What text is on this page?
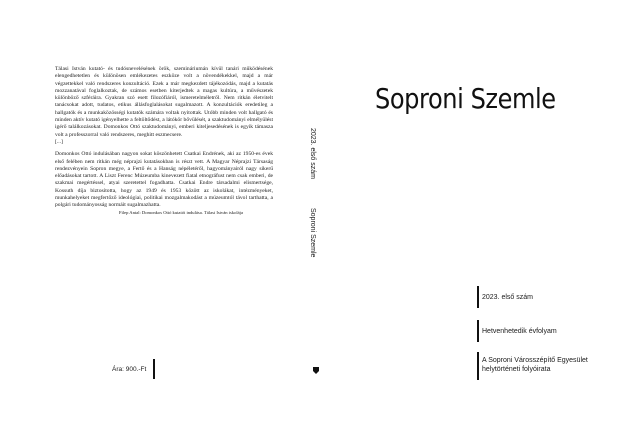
Tálasi István kutató- és tudósnevelésének örök, szemináriumán kívül tanári működésének elengedhetetlen és különösen emlékezetes eszköze volt a növendékekkel, majd a már végzettekkel való rendszeres konzultáció. Ezek a már megkezdett tájékozódás, majd a kutatás mozzanatával foglalkoztak, de számos esetben kiterjedtek a magas kultúra, a művészetek különböző szféráira. Gyakran szó esett filozófiáról, ismeretelméletről. Nem ritkán életvitelt tanácsokat adott, tudatos, etikus állásfoglalásokat sugalmazott. A konzultációk eredetileg a hallgatók és a munkaközösségi kutatók számára voltak nyitottak. Utóbb minden volt hallgató és minden aktív kutató igényelhette a feltöltődést, a látókör bővülését, a szaktudományi elmélyülést igérő találkozásokat. Domonkos Ottó szaktudományi, emberi kiteljesedésének is egyik támasza volt a professzorral való rendszeres, meghitt eszmecsere.

[...]

Domonkos Ottó indulásában nagyon sokat köszönhetett Csatkai Endrének, aki az 1950-es évek első felében nem ritkán még néprajzi kutatásokban is részt vett. A Magyar Néprajzi Társaság rendezvényein Sopron megye, a Fertő és a Hanság népéletéről, hagyományairól nagy sikerű előadásokat tartott. A Liszt Ferenc Múzeumba kinevezett fiatal etnográfust nem csak emberi, de szakmai megértéssel, atyai szeretettel fogadhatta. Csatkai Endre társadalmi elismertsége, Kossuth díja biztosította, hogy az 1949 és 1953 között az iskolákat, intézményeket, munkahelyeket megfertőző ideológiai, politikai mozgalmakodást a múzeumtól távol tarthatta, a polgári tudományosság normáit sugalmazhatta.

Filep Antal: Domonkos Ottó kutatói indulása. Tálasi István iskolája

Ára: 900.-Ft
2023. első szám
Soproni Szemle
Soproni Szemle
2023. első szám
Hetvenhetedik évfolyam
A Soproni Városszépítő Egyesület
helytörténeti folyóirata
